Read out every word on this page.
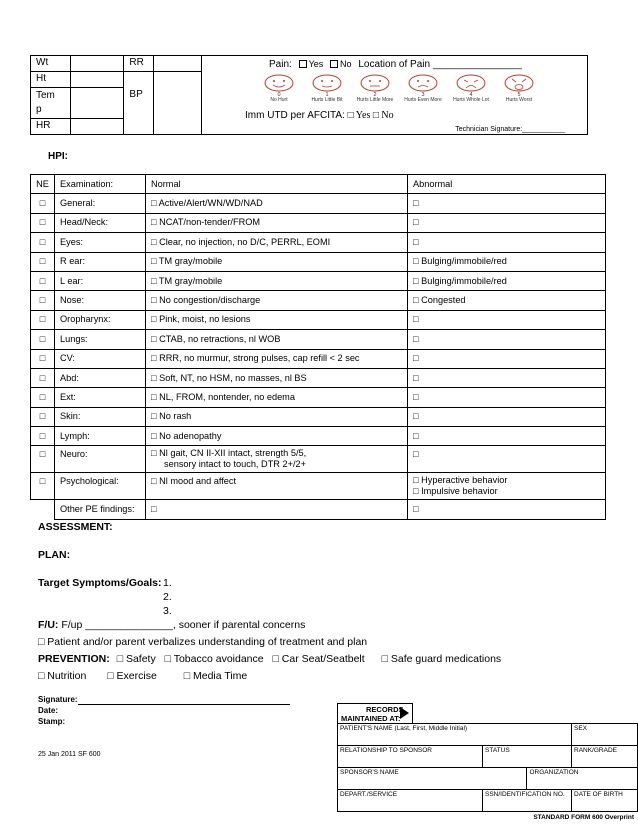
Wt		RR	
Ht		BP	
Tem
p			
HR			
Pain: Yes No Location of Pain ________________
0
No Hurt
1
Hurts Little Bit
2
Hurts Little More
3
Hurts Even More
4
Hurts Whole Lot
5
Hurts Worst
Imm UTD per AFCITA: □ Yes □ No
Technician Signature:___________
HPI:
NE	Examination:	Normal	Abnormal
□	General:	□ Active/Alert/WN/WD/NAD	□
□	Head/Neck:	□ NCAT/non-tender/FROM	□
□	Eyes:	□ Clear, no injection, no D/C, PERRL, EOMI	□
□	R ear:	□ TM gray/mobile	□ Bulging/immobile/red
□	L ear:	□ TM gray/mobile	□ Bulging/immobile/red
□	Nose:	□ No congestion/discharge	□ Congested
□	Oropharynx:	□ Pink, moist, no lesions	□
□	Lungs:	□ CTAB, no retractions, nl WOB	□
□	CV:	□ RRR, no murmur, strong pulses, cap refill < 2 sec	□
□	Abd:	□ Soft, NT, no HSM, no masses, nl BS	□
□	Ext:	□ NL, FROM, nontender, no edema	□
□	Skin:	□ No rash	□
□	Lymph:	□ No adenopathy	□
□	Neuro:	□ Nl gait, CN II-XII intact, strength 5/5,
sensory intact to touch, DTR 2+/2+	□
□	Psychological:	□ Nl mood and affect	□ Hyperactive behavior
□ Impulsive behavior
	Other PE findings:	□	□
ASSESSMENT:
PLAN:
Target Symptoms/Goals: 1.
2.
3.
F/U: F/up _______________, sooner if parental concerns
□ Patient and/or parent verbalizes understanding of treatment and plan
PREVENTION: □ Safety □ Tobacco avoidance □ Car Seat/Seatbelt □ Safe guard medications
□ Nutrition □ Exercise	□ Media Time
Signature:
Date:
Stamp:
25 Jan 2011 SF 600
RECORDS
MAINTAINED AT:
PATIENT'S NAME (Last, First, Middle Initial)			SEX
RELATIONSHIP TO SPONSOR	STATUS		RANK/GRADE
SPONSOR'S NAME		ORGANIZATION	
DEPART./SERVICE	SSN/IDENTIFICATION NO.		DATE OF BIRTH
STANDARD FORM 600 Overprint
